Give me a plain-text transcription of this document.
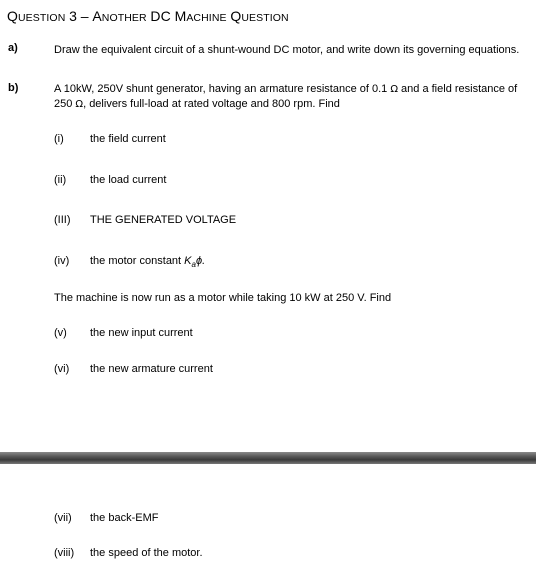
QUESTION 3 – ANOTHER DC MACHINE QUESTION
a)	Draw the equivalent circuit of a shunt-wound DC motor, and write down its governing equations.
b)	A 10kW, 250V shunt generator, having an armature resistance of 0.1 Ω and a field resistance of
250 Ω, delivers full-load at rated voltage and 800 rpm. Find
(i) the field current
(ii) the load current
(III) THE GENERATED VOLTAGE
(iv) the motor constant $K_a\phi$.
The machine is now run as a motor while taking 10 kW at 250 V. Find
(v) the new input current
(vi) the new armature current
(vii) the back-EMF
(viii) the speed of the motor.
